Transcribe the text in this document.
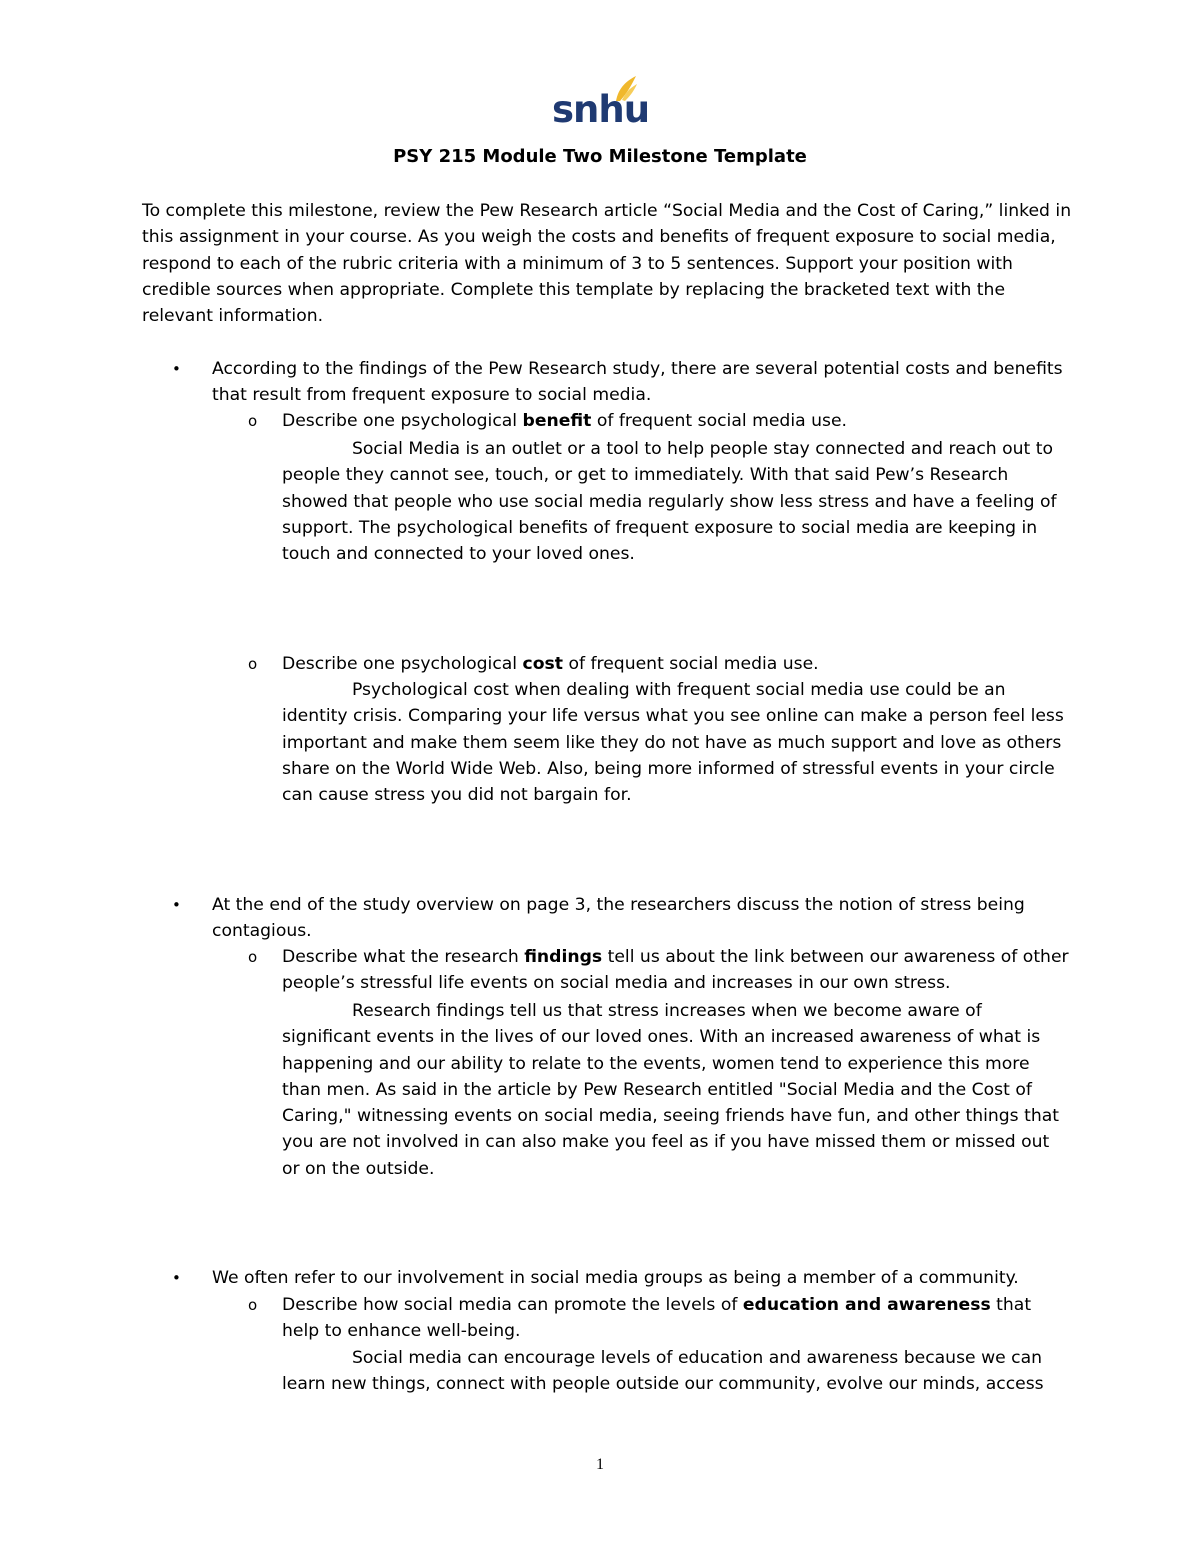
snhu
PSY 215 Module Two Milestone Template

To complete this milestone, review the Pew Research article “Social Media and the Cost of Caring,” linked in this assignment in your course. As you weigh the costs and benefits of frequent exposure to social media, respond to each of the rubric criteria with a minimum of 3 to 5 sentences. Support your position with credible sources when appropriate. Complete this template by replacing the bracketed text with the relevant information.

• According to the findings of the Pew Research study, there are several potential costs and benefits that result from frequent exposure to social media.

o Describe one psychological benefit of frequent social media use.

Social Media is an outlet or a tool to help people stay connected and reach out to people they cannot see, touch, or get to immediately. With that said Pew’s Research showed that people who use social media regularly show less stress and have a feeling of support. The psychological benefits of frequent exposure to social media are keeping in touch and connected to your loved ones.

o Describe one psychological cost of frequent social media use.

Psychological cost when dealing with frequent social media use could be an identity crisis. Comparing your life versus what you see online can make a person feel less important and make them seem like they do not have as much support and love as others share on the World Wide Web. Also, being more informed of stressful events in your circle can cause stress you did not bargain for.

• At the end of the study overview on page 3, the researchers discuss the notion of stress being contagious.

o Describe what the research findings tell us about the link between our awareness of other people’s stressful life events on social media and increases in our own stress.

Research findings tell us that stress increases when we become aware of significant events in the lives of our loved ones. With an increased awareness of what is happening and our ability to relate to the events, women tend to experience this more than men. As said in the article by Pew Research entitled "Social Media and the Cost of Caring," witnessing events on social media, seeing friends have fun, and other things that you are not involved in can also make you feel as if you have missed them or missed out or on the outside.

• We often refer to our involvement in social media groups as being a member of a community.

o Describe how social media can promote the levels of education and awareness that help to enhance well-being.

Social media can encourage levels of education and awareness because we can learn new things, connect with people outside our community, evolve our minds, access

1
